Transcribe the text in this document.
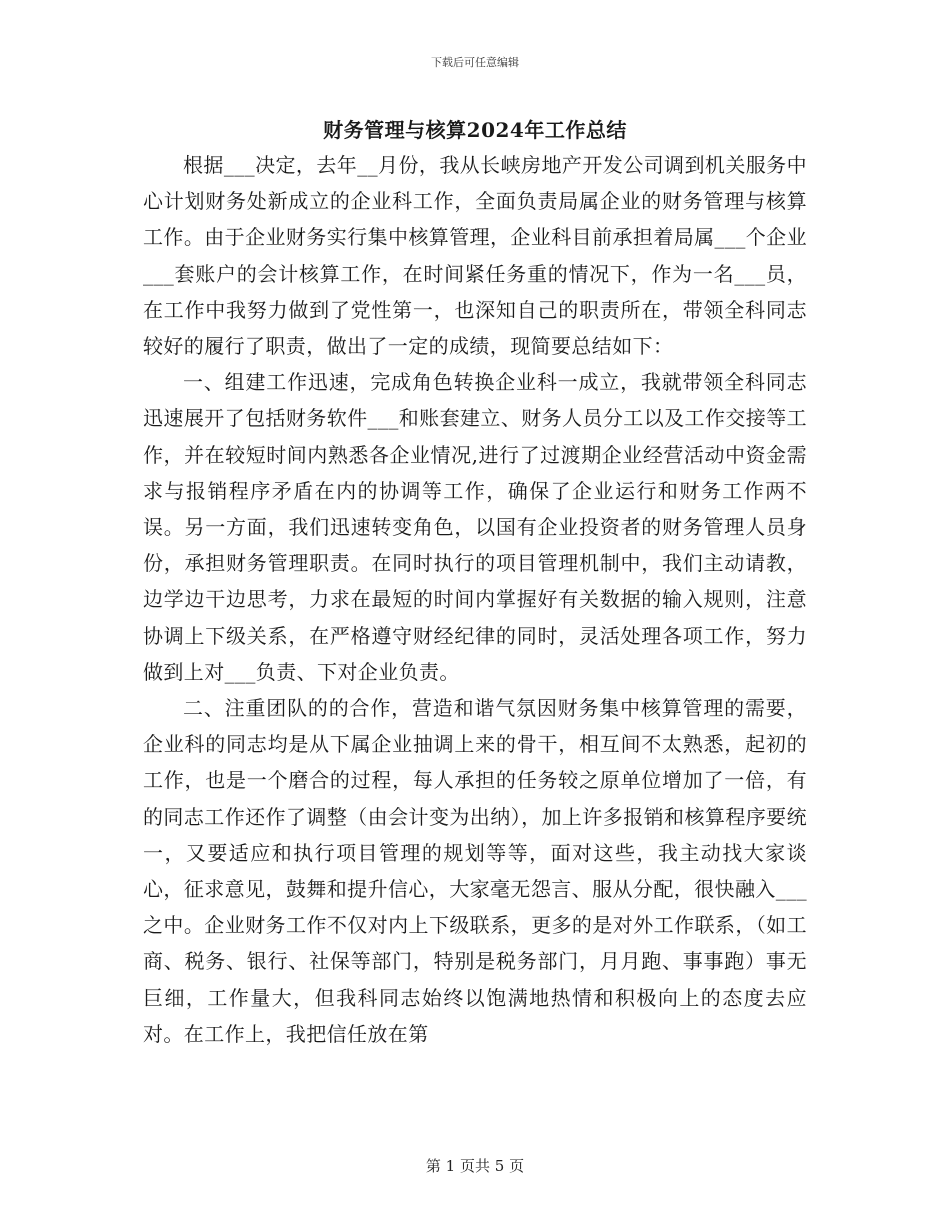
下载后可任意编辑
财务管理与核算2024年工作总结

根据___决定，去年__月份，我从长峡房地产开发公司调到机关服务中心计划财务处新成立的企业科工作，全面负责局属企业的财务管理与核算工作。由于企业财务实行集中核算管理，企业科目前承担着局属___个企业___套账户的会计核算工作，在时间紧任务重的情况下，作为一名___员，在工作中我努力做到了党性第一，也深知自己的职责所在，带领全科同志较好的履行了职责，做出了一定的成绩，现简要总结如下：

一、组建工作迅速，完成角色转换企业科一成立，我就带领全科同志迅速展开了包括财务软件___和账套建立、财务人员分工以及工作交接等工作，并在较短时间内熟悉各企业情况,进行了过渡期企业经营活动中资金需求与报销程序矛盾在内的协调等工作，确保了企业运行和财务工作两不误。另一方面，我们迅速转变角色，以国有企业投资者的财务管理人员身份，承担财务管理职责。在同时执行的项目管理机制中，我们主动请教，边学边干边思考，力求在最短的时间内掌握好有关数据的输入规则，注意协调上下级关系，在严格遵守财经纪律的同时，灵活处理各项工作，努力做到上对___负责、下对企业负责。

二、注重团队的的合作，营造和谐气氛因财务集中核算管理的需要，企业科的同志均是从下属企业抽调上来的骨干，相互间不太熟悉，起初的工作，也是一个磨合的过程，每人承担的任务较之原单位增加了一倍，有的同志工作还作了调整（由会计变为出纳），加上许多报销和核算程序要统一，又要适应和执行项目管理的规划等等，面对这些，我主动找大家谈心，征求意见，鼓舞和提升信心，大家毫无怨言、服从分配，很快融入___之中。企业财务工作不仅对内上下级联系，更多的是对外工作联系，（如工商、税务、银行、社保等部门，特别是税务部门，月月跑、事事跑）事无巨细，工作量大，但我科同志始终以饱满地热情和积极向上的态度去应对。在工作上，我把信任放在第

第 1 页共 5 页
